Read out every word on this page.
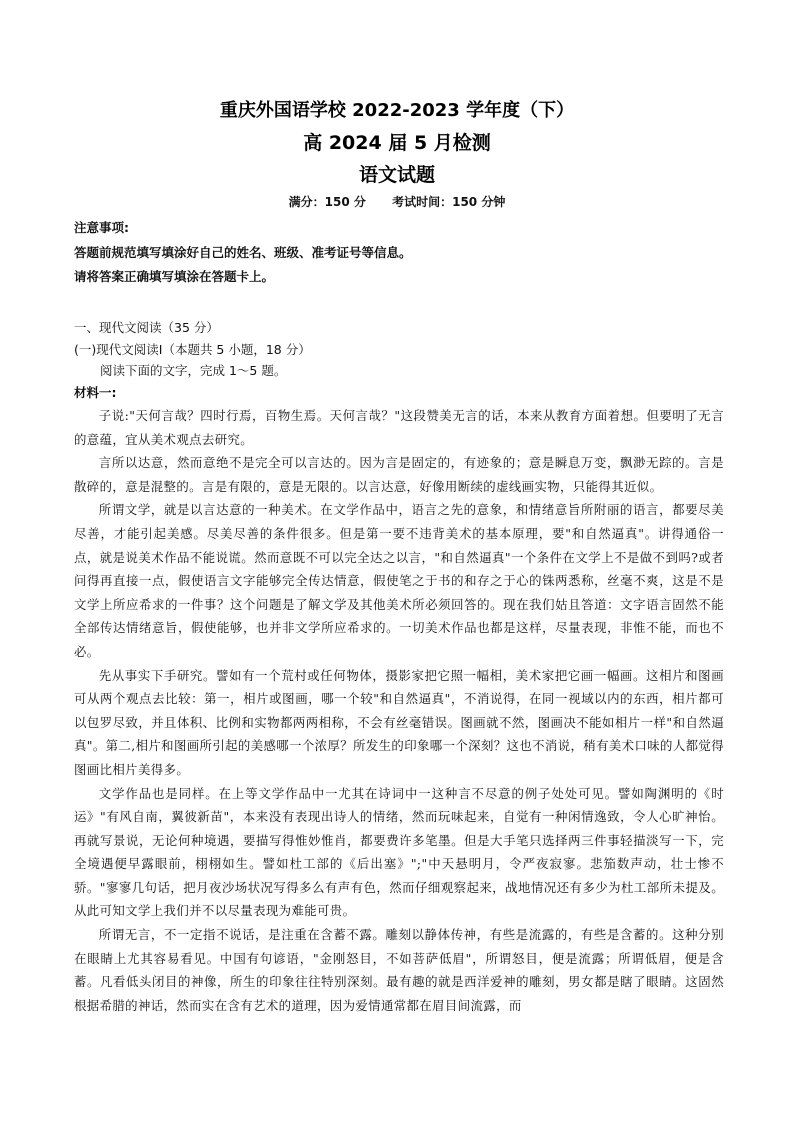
重庆外国语学校 2022-2023 学年度（下）
高 2024 届 5 月检测
语文试题
满分：150 分 考试时间：150 分钟
注意事项:
答题前规范填写填涂好自己的姓名、班级、准考证号等信息。
请将答案正确填写填涂在答题卡上。
一、现代文阅读（35 分）
(一)现代文阅读Ⅰ（本题共 5 小题，18 分）
阅读下面的文字，完成 1～5 题。
材料一:

子说:"天何言哉？四时行焉，百物生焉。天何言哉？"这段赞美无言的话，本来从教育方面着想。但要明了无言的意蕴，宜从美术观点去研究。

言所以达意，然而意绝不是完全可以言达的。因为言是固定的，有迹象的；意是瞬息万变，飘渺无踪的。言是散碎的，意是混整的。言是有限的，意是无限的。以言达意，好像用断续的虚线画实物，只能得其近似。

所谓文学，就是以言达意的一种美术。在文学作品中，语言之先的意象，和情绪意旨所附丽的语言，都要尽美尽善，才能引起美感。尽美尽善的条件很多。但是第一要不违背美术的基本原理，要"和自然逼真"。讲得通俗一点，就是说美术作品不能说谎。然而意既不可以完全达之以言，"和自然逼真"一个条件在文学上不是做不到吗?或者问得再直接一点，假使语言文字能够完全传达情意，假使笔之于书的和存之于心的铢两悉称，丝毫不爽，这是不是文学上所应希求的一件事？这个问题是了解文学及其他美术所必须回答的。现在我们姑且答道：文字语言固然不能全部传达情绪意旨，假使能够，也并非文学所应希求的。一切美术作品也都是这样，尽量表现，非惟不能，而也不必。

先从事实下手研究。譬如有一个荒村或任何物体，摄影家把它照一幅相，美术家把它画一幅画。这相片和图画可从两个观点去比较：第一，相片或图画，哪一个较"和自然逼真"，不消说得，在同一视域以内的东西，相片都可以包罗尽致，并且体积、比例和实物都两两相称，不会有丝毫错误。图画就不然，图画决不能如相片一样"和自然逼真"。第二,相片和图画所引起的美感哪一个浓厚？所发生的印象哪一个深刻？这也不消说，稍有美术口味的人都觉得图画比相片美得多。

文学作品也是同样。在上等文学作品中一尤其在诗词中一这种言不尽意的例子处处可见。譬如陶渊明的《时运》"有风自南，翼彼新苗"，本来没有表现出诗人的情绪，然而玩味起来，自觉有一种闲情逸致，令人心旷神怡。再就写景说，无论何种境遇，要描写得惟妙惟肖，都要费许多笔墨。但是大手笔只选择两三件事轻描淡写一下，完全境遇便早露眼前，栩栩如生。譬如杜工部的《后出塞》";"中天悬明月，令严夜寂寥。悲笳数声动，壮士惨不骄。"寥寥几句话，把月夜沙场状况写得多么有声有色，然而仔细观察起来，战地情况还有多少为杜工部所未提及。从此可知文学上我们并不以尽量表现为难能可贵。

所谓无言，不一定指不说话，是注重在含蓄不露。雕刻以静体传神，有些是流露的，有些是含蓄的。这种分别在眼睛上尤其容易看见。中国有句谚语，"金刚怒目，不如菩萨低眉"，所谓怒目，便是流露；所谓低眉，便是含蓄。凡看低头闭目的神像，所生的印象往往特别深刻。最有趣的就是西洋爱神的雕刻，男女都是瞎了眼睛。这固然根据希腊的神话，然而实在含有艺术的道理，因为爱情通常都在眉目间流露，而
